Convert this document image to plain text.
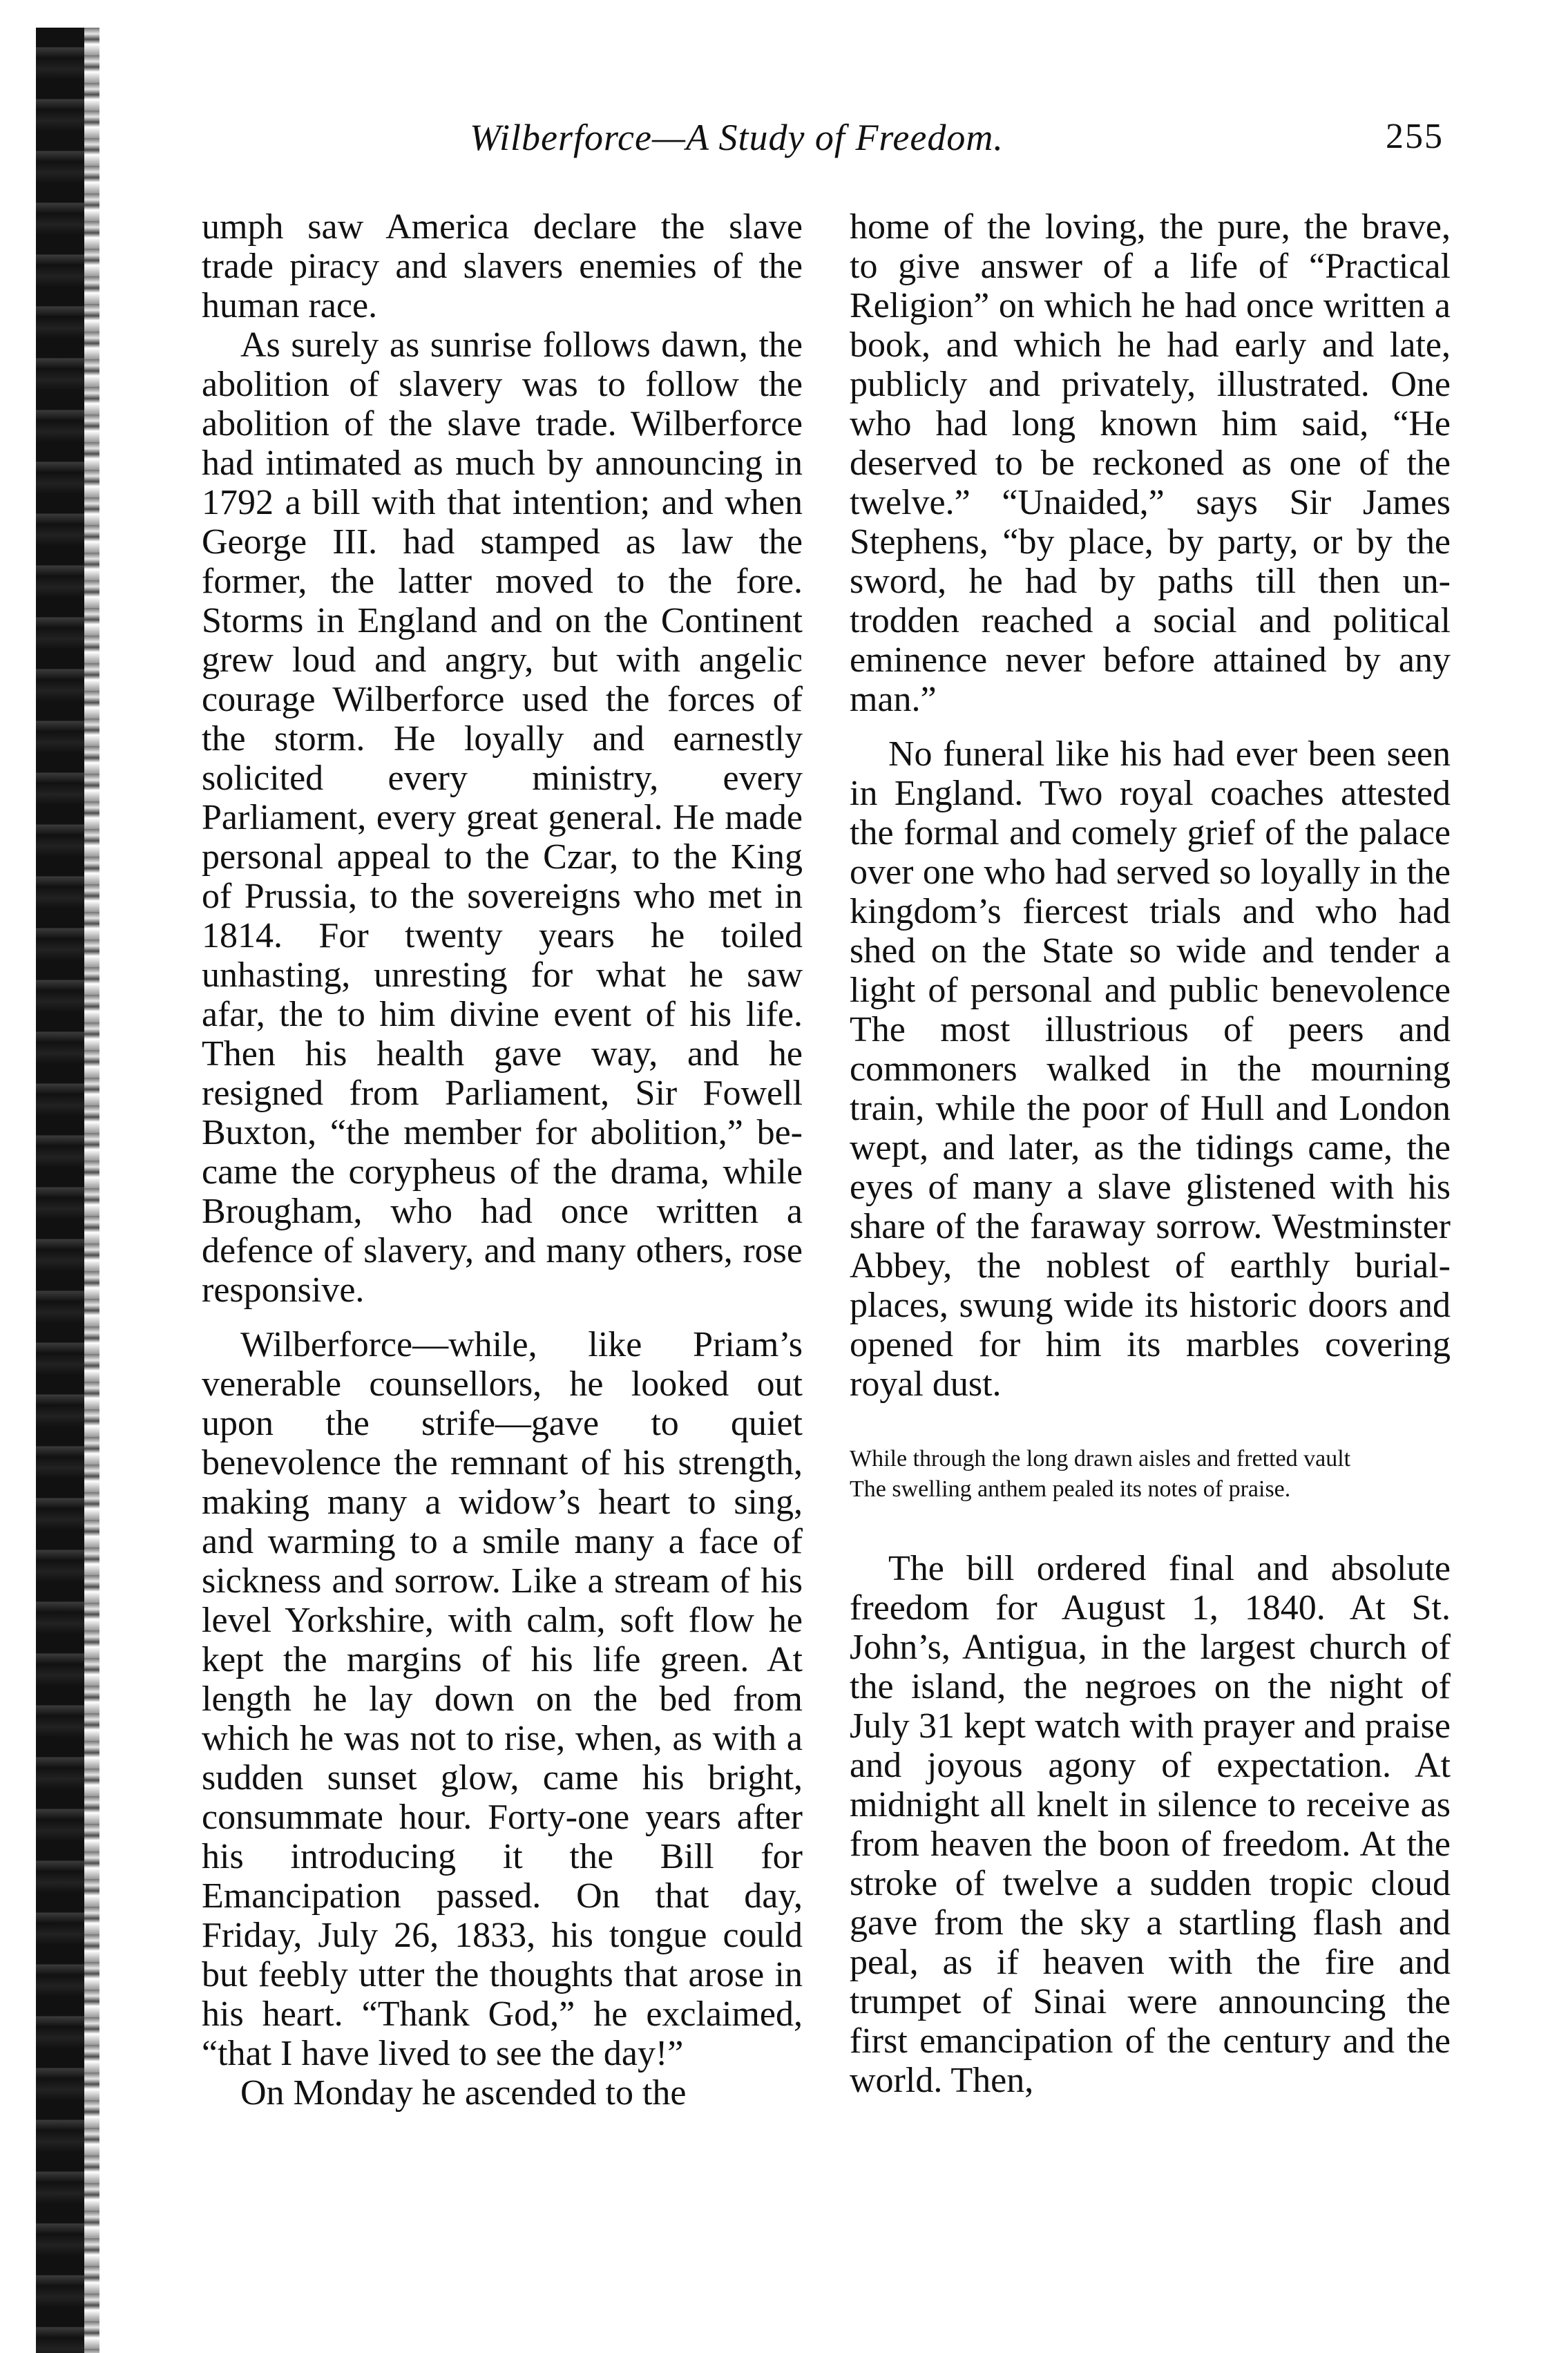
Wilberforce—A Study of Freedom.	255

umph saw America declare the slave trade piracy and slavers enemies of the human race.

As surely as sunrise follows dawn, the abolition of slavery was to follow the abolition of the slave trade. Wilberforce had intimated as much by announcing in 1792 a bill with that intention; and when George III. had stamped as law the former, the latter moved to the fore. Storms in England and on the Continent grew loud and angry, but with angelic courage Wilberforce used the forces of the storm. He loyally and earnestly solicited every ministry, every Parliament, every great general. He made personal appeal to the Czar, to the King of Prussia, to the sovereigns who met in 1814. For twenty years he toiled unhasting, unresting for what he saw afar, the to him divine event of his life. Then his health gave way, and he resigned from Parliament, Sir Fowell Buxton, “the member for abolition,” became the corypheus of the drama, while Brougham, who had once written a defence of slavery, and many others, rose responsive.

Wilberforce—while, like Priam’s venerable counsellors, he looked out upon the strife—gave to quiet benevolence the remnant of his strength, making many a widow’s heart to sing, and warming to a smile many a face of sickness and sorrow. Like a stream of his level Yorkshire, with calm, soft flow he kept the margins of his life green. At length he lay down on the bed from which he was not to rise, when, as with a sudden sunset glow, came his bright, consummate hour. Forty-one years after his introducing it the Bill for Emancipation passed. On that day, Friday, July 26, 1833, his tongue could but feebly utter the thoughts that arose in his heart. “Thank God,” he exclaimed, “that I have lived to see the day!”

On Monday he ascended to the

home of the loving, the pure, the brave, to give answer of a life of “Practical Religion” on which he had once written a book, and which he had early and late, publicly and privately, illustrated. One who had long known him said, “He deserved to be reckoned as one of the twelve.” “Unaided,” says Sir James Stephens, “by place, by party, or by the sword, he had by paths till then untrodden reached a social and political eminence never before attained by any man.”

No funeral like his had ever been seen in England. Two royal coaches attested the formal and comely grief of the palace over one who had served so loyally in the kingdom’s fiercest trials and who had shed on the State so wide and tender a light of personal and public benevolence The most illustrious of peers and commoners walked in the mourning train, while the poor of Hull and London wept, and later, as the tidings came, the eyes of many a slave glistened with his share of the faraway sorrow. Westminster Abbey, the noblest of earthly burial-places, swung wide its historic doors and opened for him its marbles covering royal dust.

While through the long drawn aisles and fretted vault

The swelling anthem pealed its notes of praise.

The bill ordered final and absolute freedom for August 1, 1840. At St. John’s, Antigua, in the largest church of the island, the negroes on the night of July 31 kept watch with prayer and praise and joyous agony of expectation. At midnight all knelt in silence to receive as from heaven the boon of freedom. At the stroke of twelve a sudden tropic cloud gave from the sky a startling flash and peal, as if heaven with the fire and trumpet of Sinai were announcing the first emancipation of the century and the world. Then,
